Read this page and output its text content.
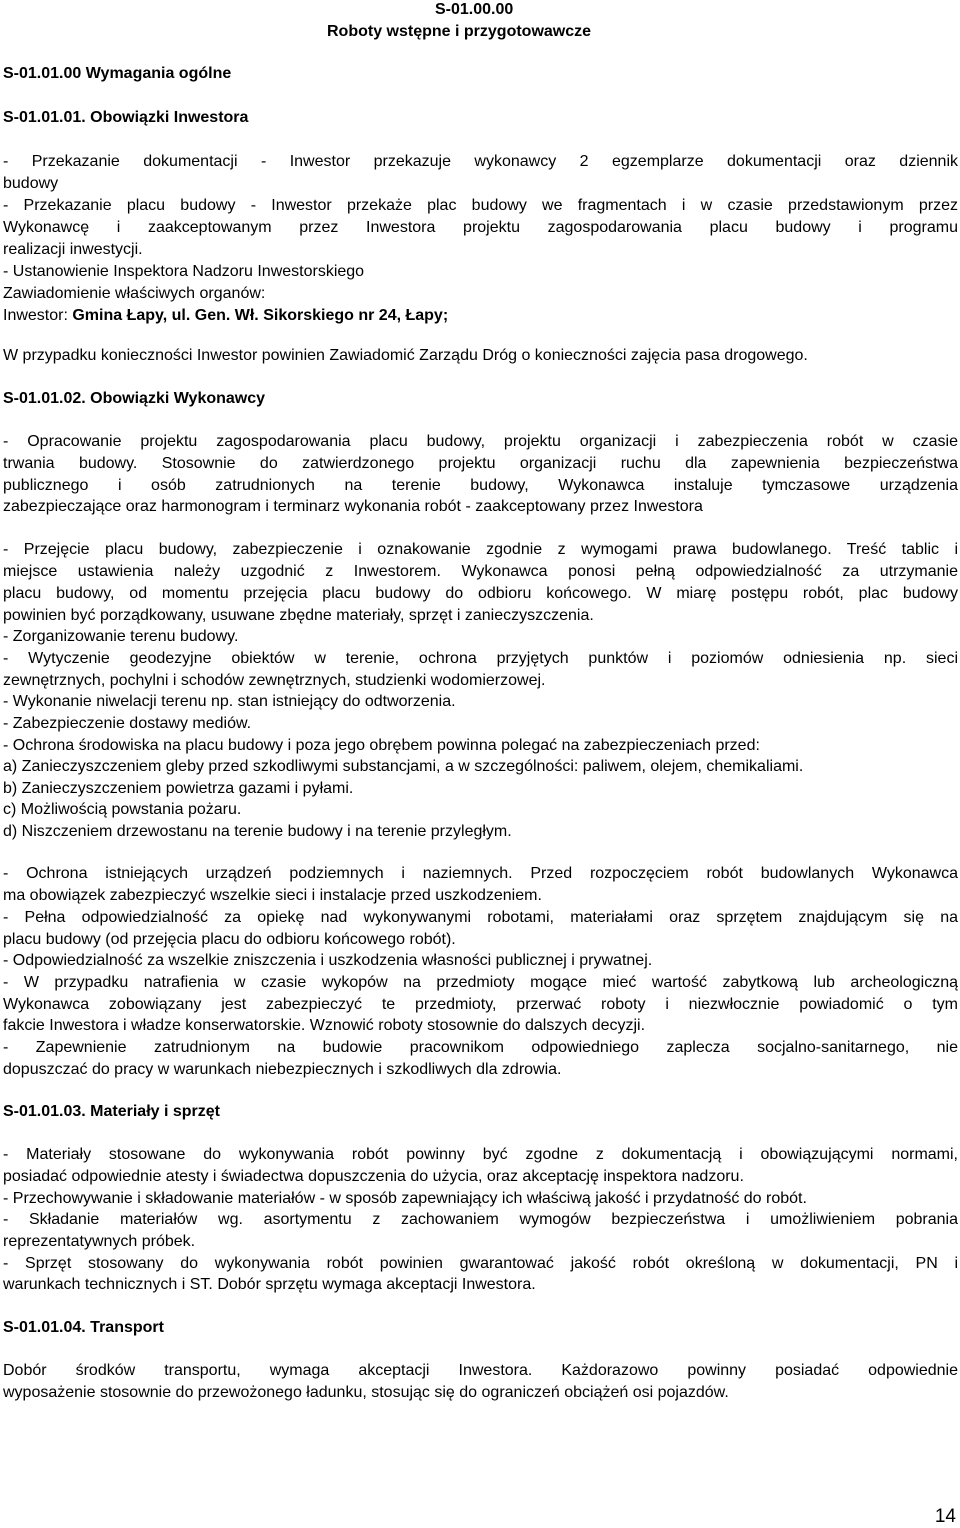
S-01.00.00
Roboty wstępne i przygotowawcze
S-01.01.00 Wymagania ogólne
S-01.01.01. Obowiązki Inwestora
- Przekazanie dokumentacji - Inwestor przekazuje wykonawcy 2 egzemplarze dokumentacji oraz dziennik
budowy
- Przekazanie placu budowy - Inwestor przekaże plac budowy we fragmentach i w czasie przedstawionym przez
Wykonawcę i zaakceptowanym przez Inwestora projektu zagospodarowania placu budowy i programu
realizacji inwestycji.
- Ustanowienie Inspektora Nadzoru Inwestorskiego
Zawiadomienie właściwych organów:
Inwestor: Gmina Łapy, ul. Gen. Wł. Sikorskiego nr 24, Łapy;
W przypadku konieczności Inwestor powinien Zawiadomić Zarządu Dróg o konieczności zajęcia pasa drogowego.
S-01.01.02. Obowiązki Wykonawcy
- Opracowanie projektu zagospodarowania placu budowy, projektu organizacji i zabezpieczenia robót w czasie
trwania budowy. Stosownie do zatwierdzonego projektu organizacji ruchu dla zapewnienia bezpieczeństwa
publicznego i osób zatrudnionych na terenie budowy, Wykonawca instaluje tymczasowe urządzenia
zabezpieczające oraz harmonogram i terminarz wykonania robót - zaakceptowany przez Inwestora
- Przejęcie placu budowy, zabezpieczenie i oznakowanie zgodnie z wymogami prawa budowlanego. Treść tablic i
miejsce ustawienia należy uzgodnić z Inwestorem. Wykonawca ponosi pełną odpowiedzialność za utrzymanie
placu budowy, od momentu przejęcia placu budowy do odbioru końcowego. W miarę postępu robót, plac budowy
powinien być porządkowany, usuwane zbędne materiały, sprzęt i zanieczyszczenia.
- Zorganizowanie terenu budowy.
- Wytyczenie geodezyjne obiektów w terenie, ochrona przyjętych punktów i poziomów odniesienia np. sieci
zewnętrznych, pochylni i schodów zewnętrznych, studzienki wodomierzowej.
- Wykonanie niwelacji terenu np. stan istniejący do odtworzenia.
- Zabezpieczenie dostawy mediów.
- Ochrona środowiska na placu budowy i poza jego obrębem powinna polegać na zabezpieczeniach przed:
a) Zanieczyszczeniem gleby przed szkodliwymi substancjami, a w szczególności: paliwem, olejem, chemikaliami.
b) Zanieczyszczeniem powietrza gazami i pyłami.
c) Możliwością powstania pożaru.
d) Niszczeniem drzewostanu na terenie budowy i na terenie przyległym.
- Ochrona istniejących urządzeń podziemnych i naziemnych. Przed rozpoczęciem robót budowlanych Wykonawca
ma obowiązek zabezpieczyć wszelkie sieci i instalacje przed uszkodzeniem.
- Pełna odpowiedzialność za opiekę nad wykonywanymi robotami, materiałami oraz sprzętem znajdującym się na
placu budowy (od przejęcia placu do odbioru końcowego robót).
- Odpowiedzialność za wszelkie zniszczenia i uszkodzenia własności publicznej i prywatnej.
- W przypadku natrafienia w czasie wykopów na przedmioty mogące mieć wartość zabytkową lub archeologiczną
Wykonawca zobowiązany jest zabezpieczyć te przedmioty, przerwać roboty i niezwłocznie powiadomić o tym
fakcie Inwestora i władze konserwatorskie. Wznowić roboty stosownie do dalszych decyzji.
- Zapewnienie zatrudnionym na budowie pracownikom odpowiedniego zaplecza socjalno-sanitarnego, nie
dopuszczać do pracy w warunkach niebezpiecznych i szkodliwych dla zdrowia.
S-01.01.03. Materiały i sprzęt
- Materiały stosowane do wykonywania robót powinny być zgodne z dokumentacją i obowiązującymi normami,
posiadać odpowiednie atesty i świadectwa dopuszczenia do użycia, oraz akceptację inspektora nadzoru.
- Przechowywanie i składowanie materiałów - w sposób zapewniający ich właściwą jakość i przydatność do robót.
- Składanie materiałów wg. asortymentu z zachowaniem wymogów bezpieczeństwa i umożliwieniem pobrania
reprezentatywnych próbek.
- Sprzęt stosowany do wykonywania robót powinien gwarantować jakość robót określoną w dokumentacji, PN i
warunkach technicznych i ST. Dobór sprzętu wymaga akceptacji Inwestora.
S-01.01.04. Transport
Dobór środków transportu, wymaga akceptacji Inwestora. Każdorazowo powinny posiadać odpowiednie
wyposażenie stosownie do przewożonego ładunku, stosując się do ograniczeń obciążeń osi pojazdów.
14
